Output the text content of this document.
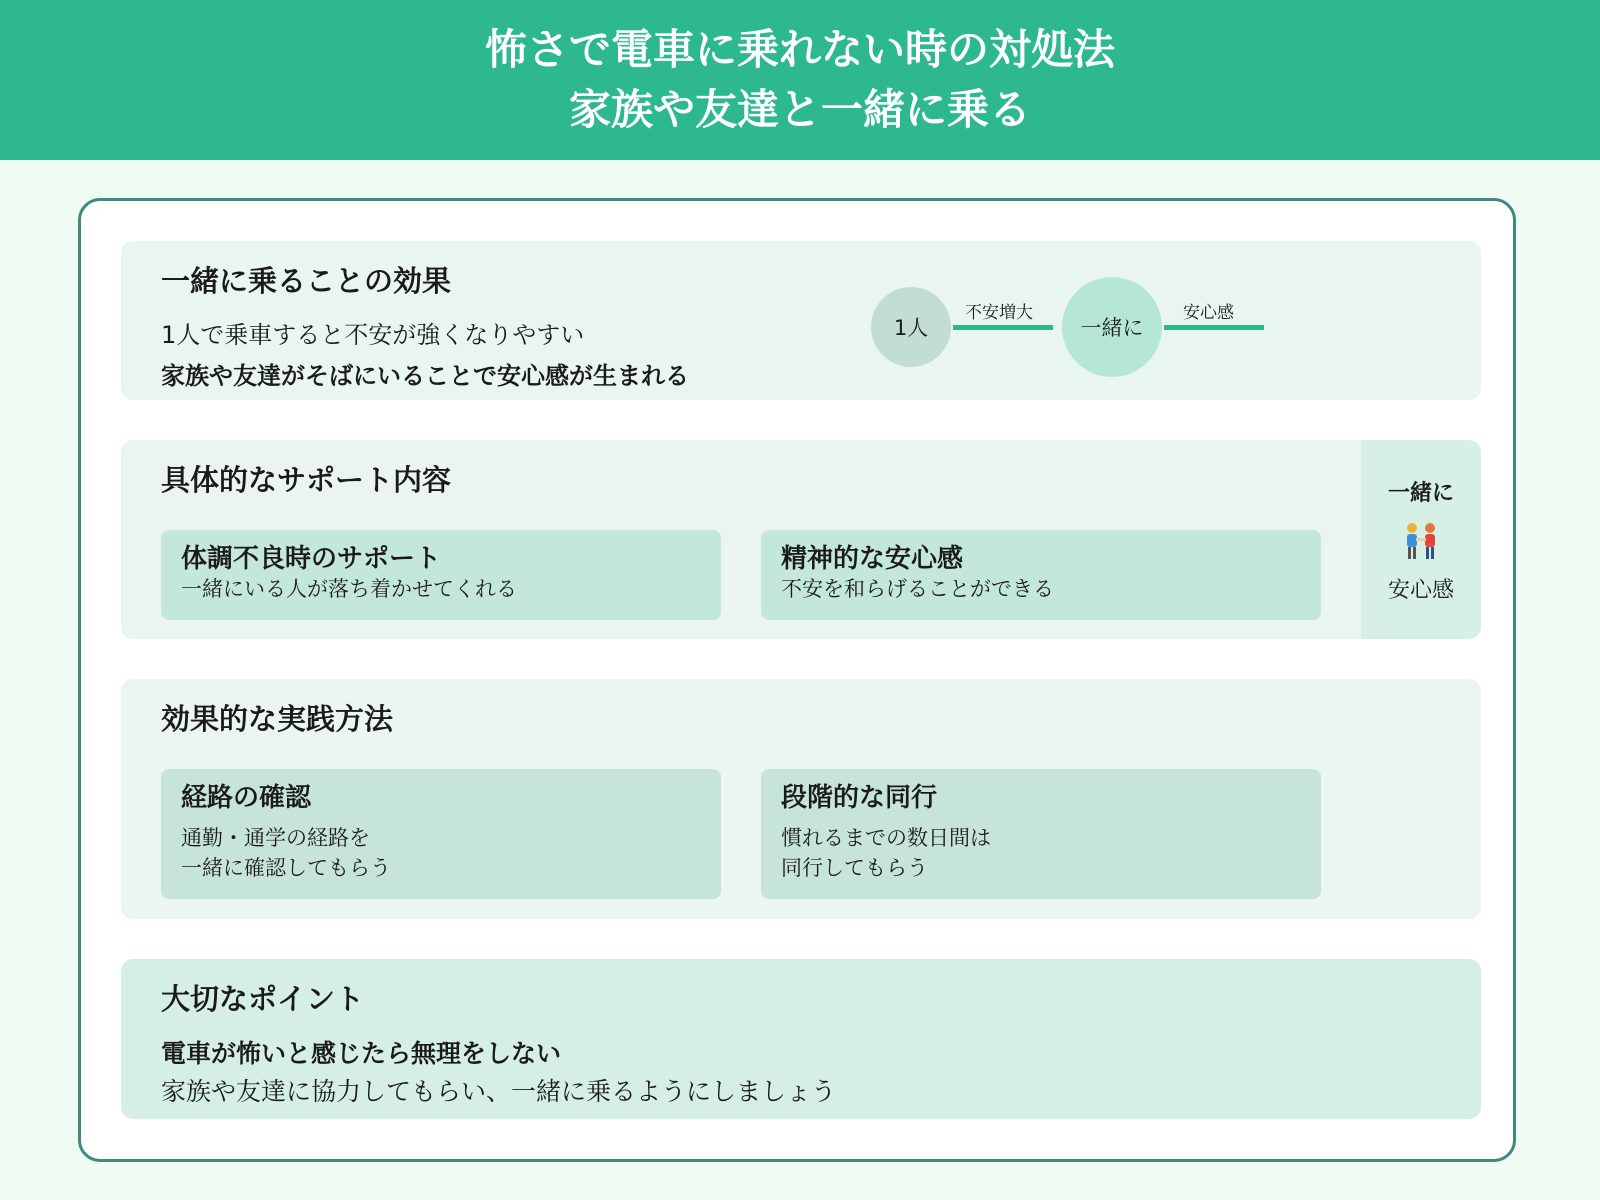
怖さで電車に乗れない時の対処法
家族や友達と一緒に乗る
一緒に乗ることの効果
1人で乗車すると不安が強くなりやすい
家族や友達がそばにいることで安心感が生まれる
1人
不安増大
一緒に
安心感
具体的なサポート内容
体調不良時のサポート
一緒にいる人が落ち着かせてくれる
精神的な安心感
不安を和らげることができる
一緒に
安心感
効果的な実践方法
経路の確認
通勤・通学の経路を
一緒に確認してもらう
段階的な同行
慣れるまでの数日間は
同行してもらう
大切なポイント
電車が怖いと感じたら無理をしない
家族や友達に協力してもらい、一緒に乗るようにしましょう
